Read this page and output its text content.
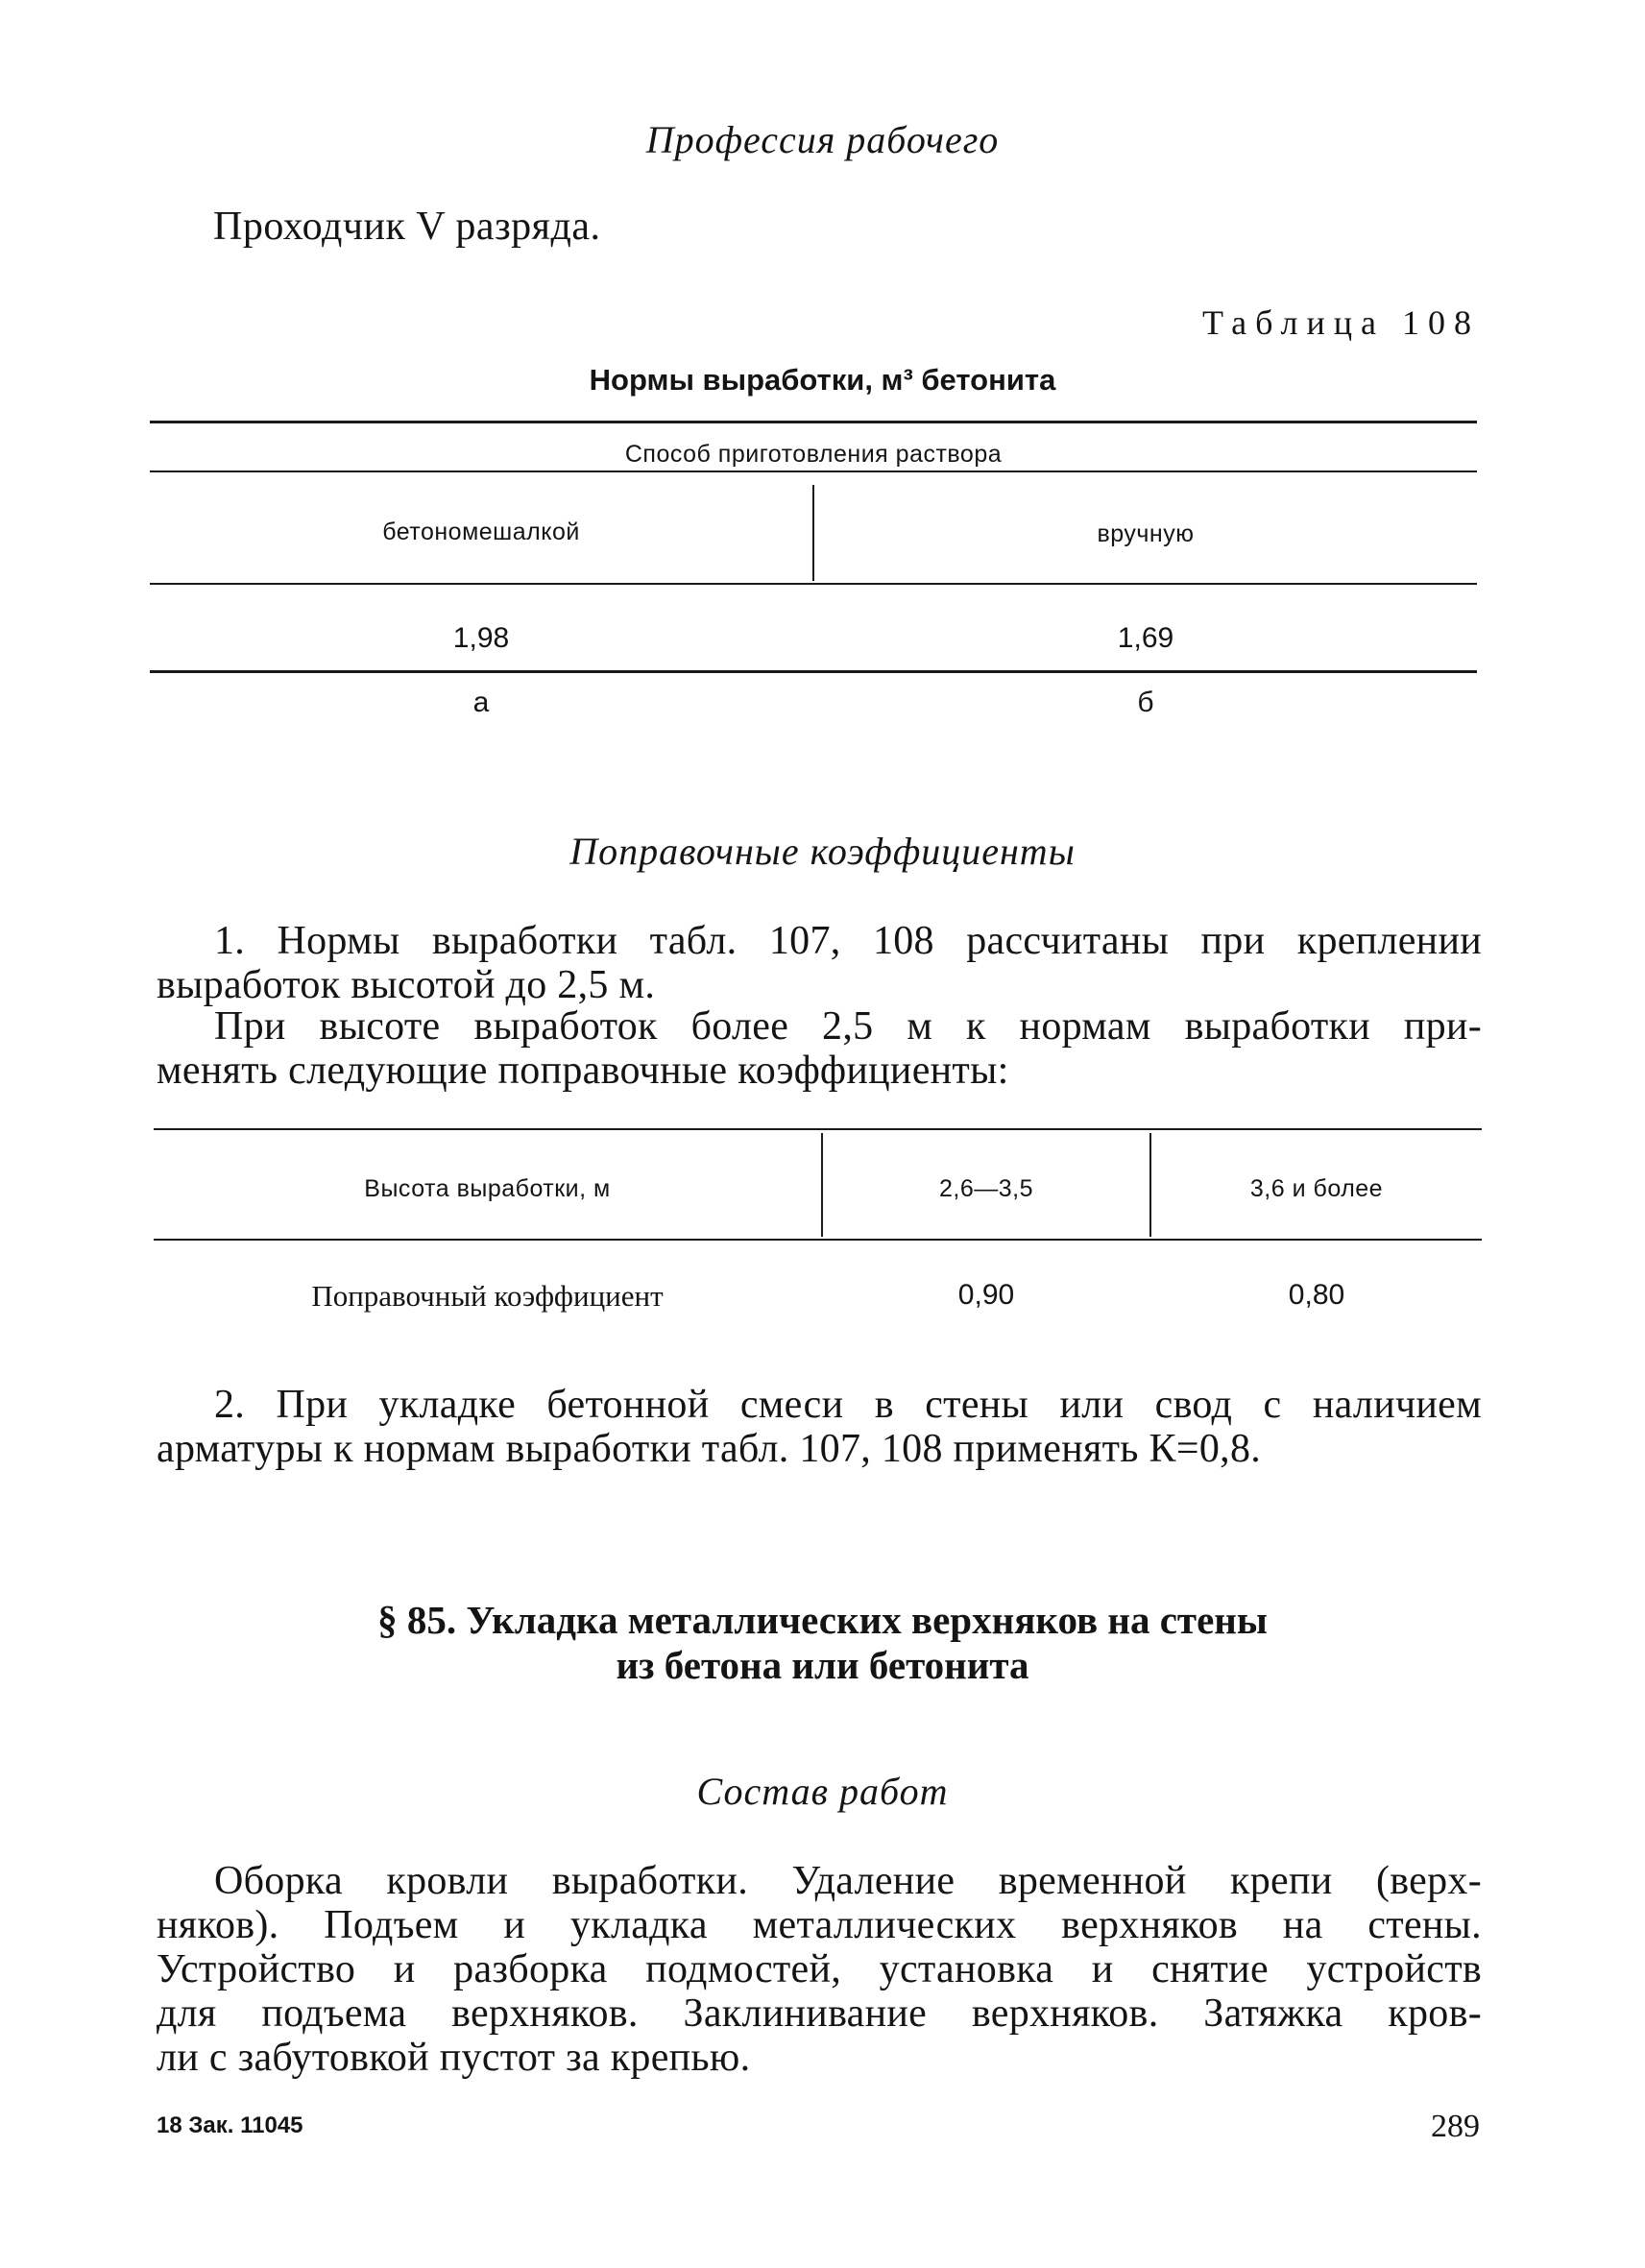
Профессия рабочего
Проходчик V разряда.
Таблица 108
Нормы выработки, м³ бетонита
Способ приготовления раствора
бетономешалкой	вручную
1,98	1,69
а	б
Поправочные коэффициенты
1. Нормы выработки табл. 107, 108 рассчитаны при креплении
выработок высотой до 2,5 м.
При высоте выработок более 2,5 м к нормам выработки при-
менять следующие поправочные коэффициенты:
Высота выработки, м	2,6—3,5	3,6 и более
Поправочный коэффициент	0,90	0,80
2. При укладке бетонной смеси в стены или свод с наличием
арматуры к нормам выработки табл. 107, 108 применять К=0,8.
§ 85. Укладка металлических верхняков на стены
из бетона или бетонита
Состав работ
Оборка кровли выработки. Удаление временной крепи (верх-
няков). Подъем и укладка металлических верхняков на стены.
Устройство и разборка подмостей, установка и снятие устройств
для подъема верхняков. Заклинивание верхняков. Затяжка кров-
ли с забутовкой пустот за крепью.
18 Зак. 11045	289
